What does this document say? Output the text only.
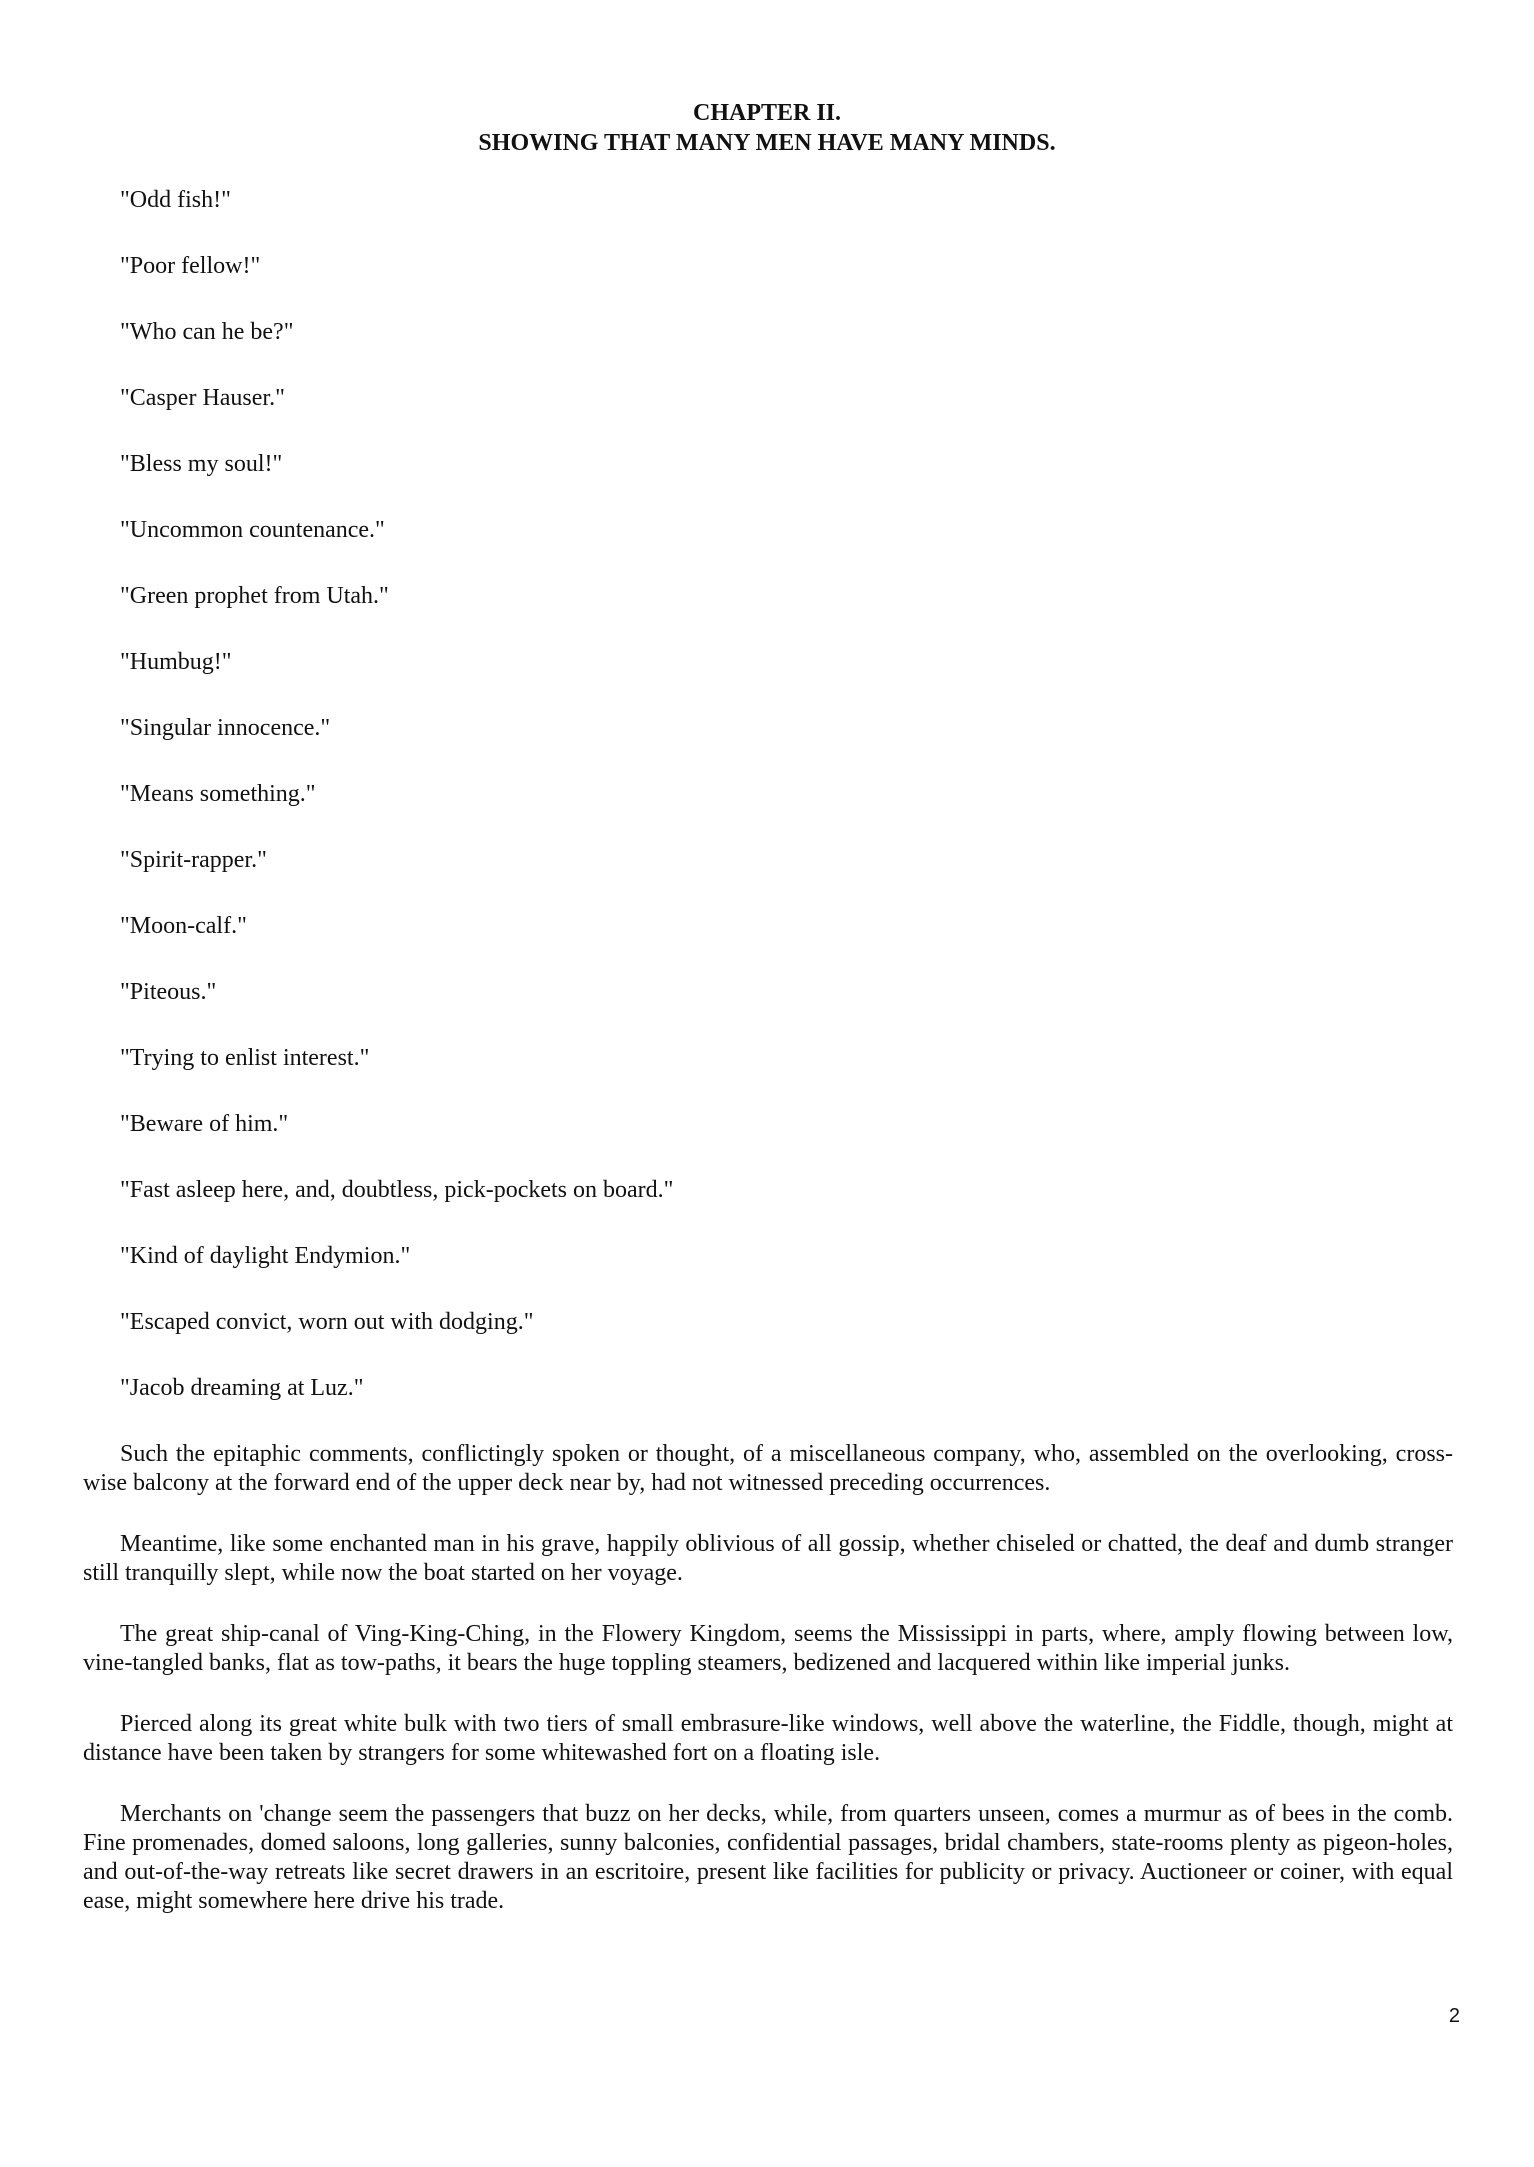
CHAPTER II.
SHOWING THAT MANY MEN HAVE MANY MINDS.
"Odd fish!"
"Poor fellow!"
"Who can he be?"
"Casper Hauser."
"Bless my soul!"
"Uncommon countenance."
"Green prophet from Utah."
"Humbug!"
"Singular innocence."
"Means something."
"Spirit-rapper."
"Moon-calf."
"Piteous."
"Trying to enlist interest."
"Beware of him."
"Fast asleep here, and, doubtless, pick-pockets on board."
"Kind of daylight Endymion."
"Escaped convict, worn out with dodging."
"Jacob dreaming at Luz."

Such the epitaphic comments, conflictingly spoken or thought, of a miscellaneous company, who, assembled on the overlooking, cross-wise balcony at the forward end of the upper deck near by, had not witnessed preceding occurrences.

Meantime, like some enchanted man in his grave, happily oblivious of all gossip, whether chiseled or chatted, the deaf and dumb stranger still tranquilly slept, while now the boat started on her voyage.

The great ship-canal of Ving-King-Ching, in the Flowery Kingdom, seems the Mississippi in parts, where, amply flowing between low, vine-tangled banks, flat as tow-paths, it bears the huge toppling steamers, bedizened and lacquered within like imperial junks.

Pierced along its great white bulk with two tiers of small embrasure-like windows, well above the waterline, the Fiddle, though, might at distance have been taken by strangers for some whitewashed fort on a floating isle.

Merchants on 'change seem the passengers that buzz on her decks, while, from quarters unseen, comes a murmur as of bees in the comb. Fine promenades, domed saloons, long galleries, sunny balconies, confidential passages, bridal chambers, state-rooms plenty as pigeon-holes, and out-of-the-way retreats like secret drawers in an escritoire, present like facilities for publicity or privacy. Auctioneer or coiner, with equal ease, might somewhere here drive his trade.

2
